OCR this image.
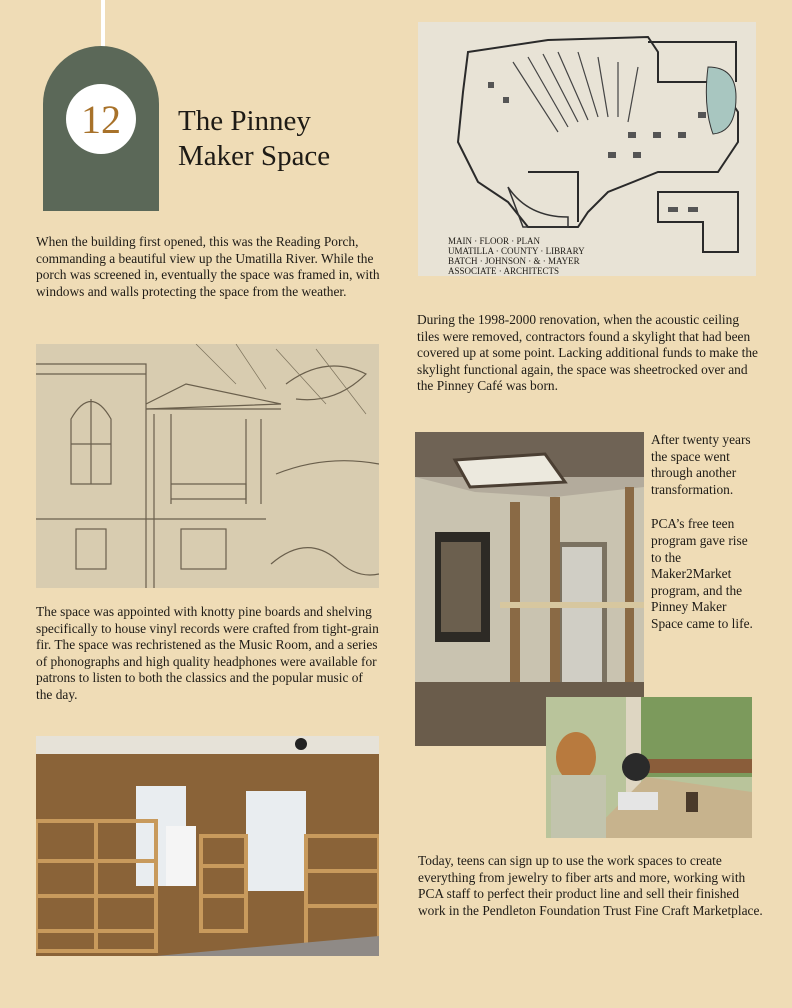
12	The Pinney
Maker Space
When the building first opened, this was the Reading Porch, commanding a beautiful view up the Umatilla River. While the porch was screened in, eventually the space was framed in, with windows and walls protecting the space from the weather.
MAIN · FLOOR · PLAN
UMATILLA · COUNTY · LIBRARY
BATCH · JOHNSON · & · MAYER
ASSOCIATE · ARCHITECTS
During the 1998-2000 renovation, when the acoustic ceiling tiles were removed, contractors found a skylight that had been covered up at some point. Lacking additional funds to make the skylight functional again, the space was sheetrocked over and the Pinney Café was born.
After twenty years the space went through another transformation.
PCA’s free teen program gave rise to the Maker2Market program, and the Pinney Maker Space came to life.
The space was appointed with knotty pine boards and shelving specifically to house vinyl records were crafted from tight-grain fir. The space was rechristened as the Music Room, and a series of phonographs and high quality headphones were available for patrons to listen to both the classics and the popular music of the day.
Today, teens can sign up to use the work spaces to create everything from jewelry to fiber arts and more, working with PCA staff to perfect their product line and sell their finished work in the Pendleton Foundation Trust Fine Craft Marketplace.
